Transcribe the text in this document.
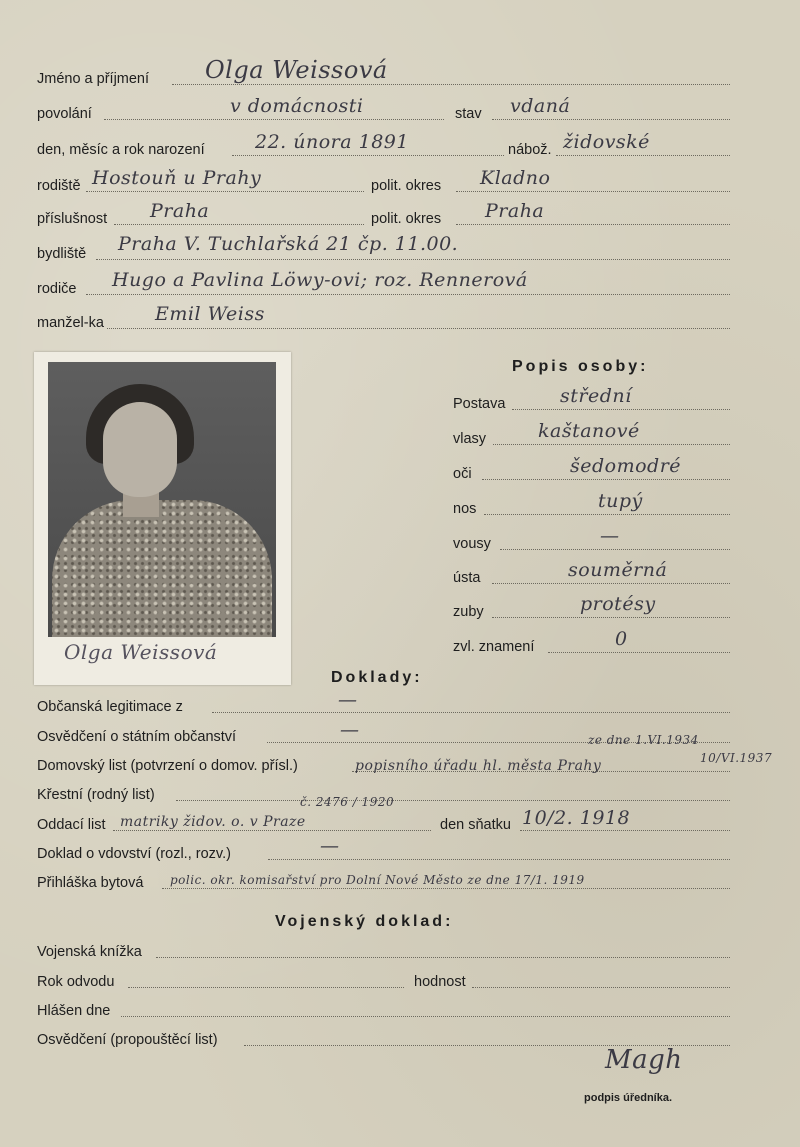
Jméno a příjmení Olga Weissová
povolání	v domácnosti	stav vdaná
den, měsíc a rok narození	22. února 1891	nábož. židovské
rodiště Hostouň u Prahy	polit. okres Kladno
příslušnost Praha	polit. okres Praha
bydliště Praha V. Tuchlařská 21 čp. 11.00.
rodiče Hugo a Pavlina Löwy-ovi; roz. Rennerová
manžel-ka	Emil Weiss
Olga Weissová
Popis osoby:
Postava	střední
vlasy	kaštanové
oči	šedomodré
nos	tupý
vousy	—
ústa	souměrná
zuby	protésy
zvl. znamení	0
Doklady:
Občanská legitimace z	—
Osvědčení o státním občanství	—	ze dne 1.VI.1934
Domovský list (potvrzení o domov. přísl.)	popisního úřadu hl. města Prahy	10/VI.1937
Křestní (rodný list)	č. 2476 / 1920
Oddací list matriky židov. o. v Praze	den sňatku 10/2. 1918
Doklad o vdovství (rozl., rozv.)	—
Přihláška bytová polic. okr. komisařství pro Dolní Nové Město ze dne 17/1. 1919
Vojenský doklad:
Vojenská knížka
Rok odvodu	hodnost
Hlášen dne
Osvědčení (propouštěcí list)
Magh
podpis úředníka.
